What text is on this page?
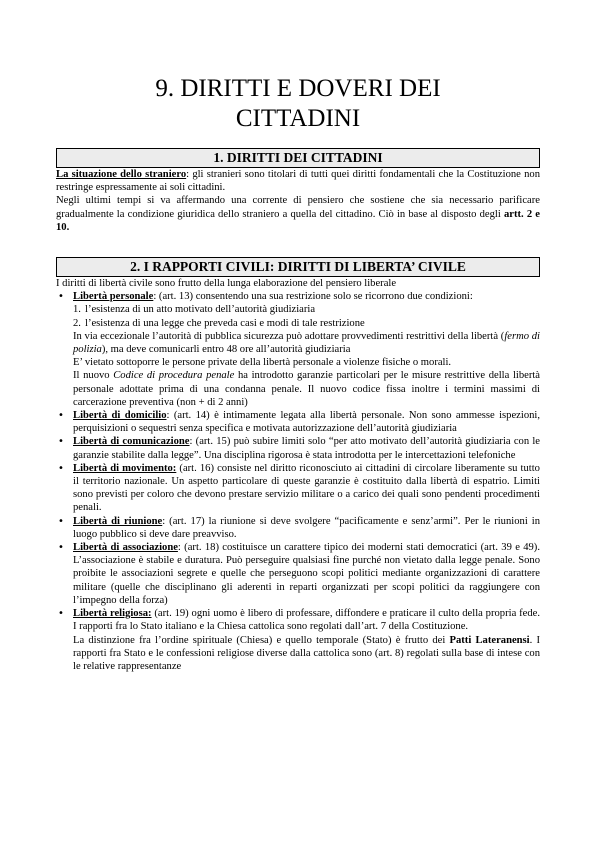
9. DIRITTI E DOVERI DEI
CITTADINI
1. DIRITTI DEI CITTADINI

La situazione dello straniero: gli stranieri sono titolari di tutti quei diritti fondamentali che la Costituzione non restringe espressamente ai soli cittadini.

Negli ultimi tempi si va affermando una corrente di pensiero che sostiene che sia necessario parificare gradualmente la condizione giuridica dello straniero a quella del cittadino. Ciò in base al disposto degli artt. 2 e 10.

2. I RAPPORTI CIVILI: DIRITTI DI LIBERTA’ CIVILE

I diritti di libertà civile sono frutto della lunga elaborazione del pensiero liberale

• Libertà personale: (art. 13) consentendo una sua restrizione solo se ricorrono due condizioni:
1. l’esistenza di un atto motivato dell’autorità giudiziaria
2. l’esistenza di una legge che preveda casi e modi di tale restrizione
In via eccezionale l’autorità di pubblica sicurezza può adottare provvedimenti restrittivi della libertà (fermo di polizia), ma deve comunicarli entro 48 ore all’autorità giudiziaria
E’ vietato sottoporre le persone private della libertà personale a violenze fisiche o morali.
Il nuovo Codice di procedura penale ha introdotto garanzie particolari per le misure restrittive della libertà personale adottate prima di una condanna penale. Il nuovo codice fissa inoltre i termini massimi di carcerazione preventiva (non + di 2 anni)
• Libertà di domicilio: (art. 14) è intimamente legata alla libertà personale. Non sono ammesse ispezioni, perquisizioni o sequestri senza specifica e motivata autorizzazione dell’autorità giudiziaria
• Libertà di comunicazione: (art. 15) può subire limiti solo “per atto motivato dell’autorità giudiziaria con le garanzie stabilite dalla legge”. Una disciplina rigorosa è stata introdotta per le intercettazioni telefoniche
• Libertà di movimento: (art. 16) consiste nel diritto riconosciuto ai cittadini di circolare liberamente su tutto il territorio nazionale. Un aspetto particolare di queste garanzie è costituito dalla libertà di espatrio. Limiti sono previsti per coloro che devono prestare servizio militare o a carico dei quali sono pendenti procedimenti penali.
• Libertà di riunione: (art. 17) la riunione si deve svolgere “pacificamente e senz’armi”. Per le riunioni in luogo pubblico si deve dare preavviso.
• Libertà di associazione: (art. 18) costituisce un carattere tipico dei moderni stati democratici (art. 39 e 49). L’associazione è stabile e duratura. Può perseguire qualsiasi fine purché non vietato dalla legge penale. Sono proibite le associazioni segrete e quelle che perseguono scopi politici mediante organizzazioni di carattere militare (quelle che disciplinano gli aderenti in reparti organizzati per scopi politici da raggiungere con l’impegno della forza)
• Libertà religiosa: (art. 19) ogni uomo è libero di professare, diffondere e praticare il culto della propria fede. I rapporti fra lo Stato italiano e la Chiesa cattolica sono regolati dall’art. 7 della Costituzione.
La distinzione fra l’ordine spirituale (Chiesa) e quello temporale (Stato) è frutto dei Patti Lateranensi. I rapporti fra Stato e le confessioni religiose diverse dalla cattolica sono (art. 8) regolati sulla base di intese con le relative rappresentanze
